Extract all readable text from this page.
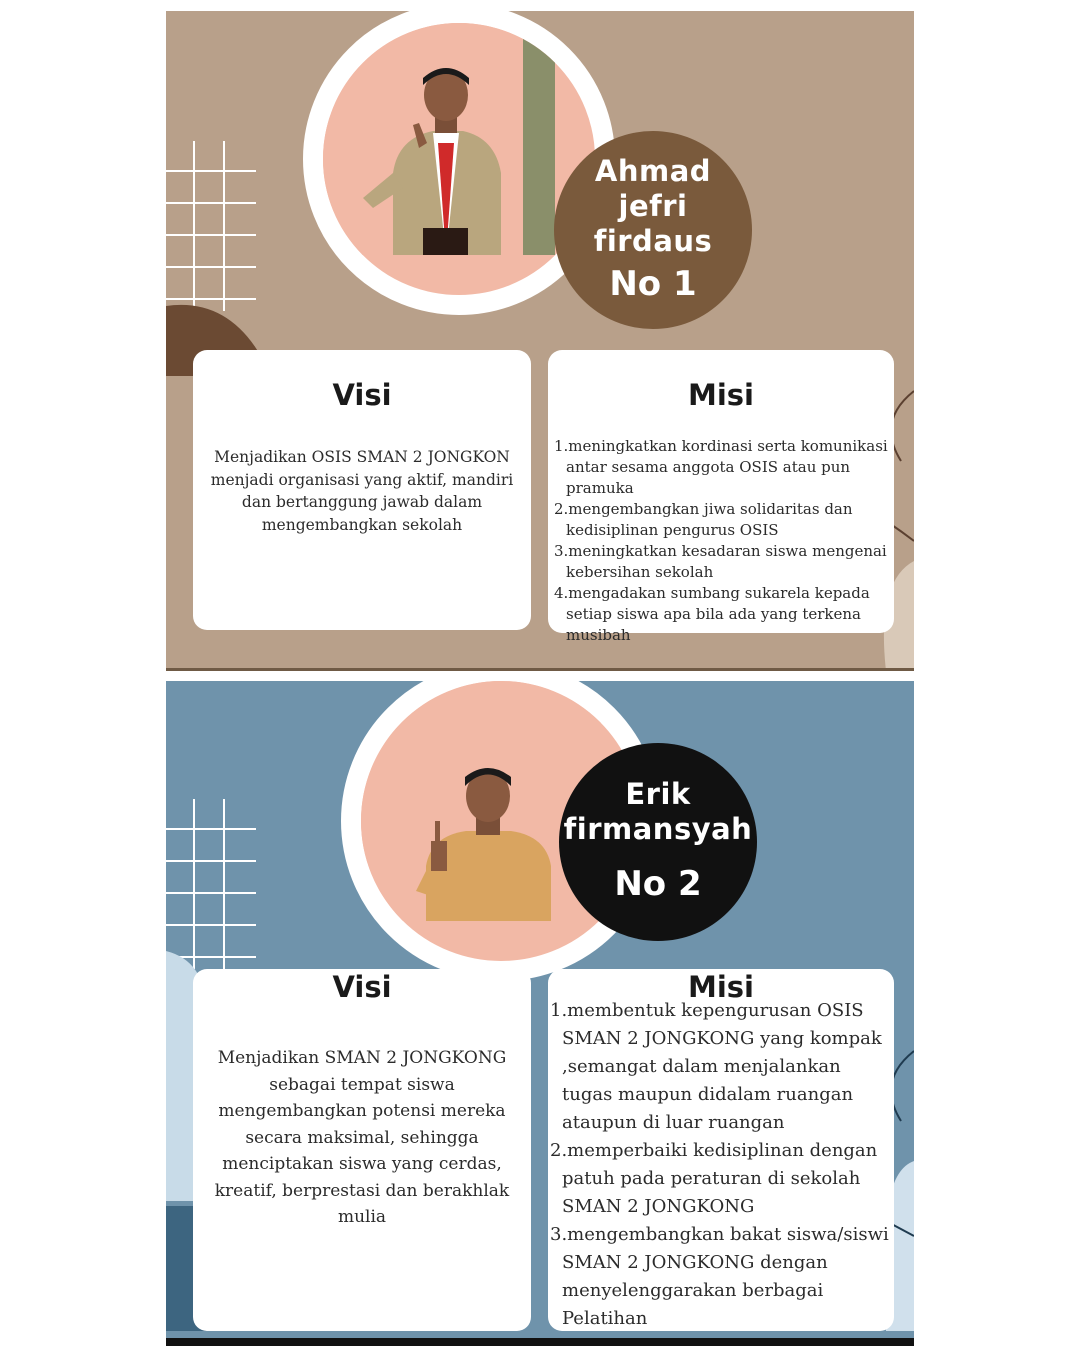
Ahmad
jefri
firdaus
No 1
Visi
Menjadikan OSIS SMAN 2 JONGKON menjadi organisasi yang aktif, mandiri dan bertanggung jawab dalam mengembangkan sekolah
Misi
1.meningkatkan kordinasi serta komunikasi antar sesama anggota OSIS atau pun pramuka
2.mengembangkan jiwa solidaritas dan kedisiplinan pengurus OSIS
3.meningkatkan kesadaran siswa mengenai kebersihan sekolah
4.mengadakan sumbang sukarela kepada setiap siswa apa bila ada yang terkena musibah
Erik
firmansyah
No 2
Visi
Menjadikan SMAN 2 JONGKONG sebagai tempat siswa mengembangkan potensi mereka secara maksimal, sehingga menciptakan siswa yang cerdas, kreatif, berprestasi dan berakhlak mulia
Misi
1.membentuk kepengurusan OSIS SMAN 2 JONGKONG yang kompak ,semangat dalam menjalankan tugas maupun didalam ruangan ataupun di luar ruangan
2.memperbaiki kedisiplinan dengan patuh pada peraturan di sekolah SMAN 2 JONGKONG
3.mengembangkan bakat siswa/siswi SMAN 2 JONGKONG dengan menyelenggarakan berbagai Pelatihan
